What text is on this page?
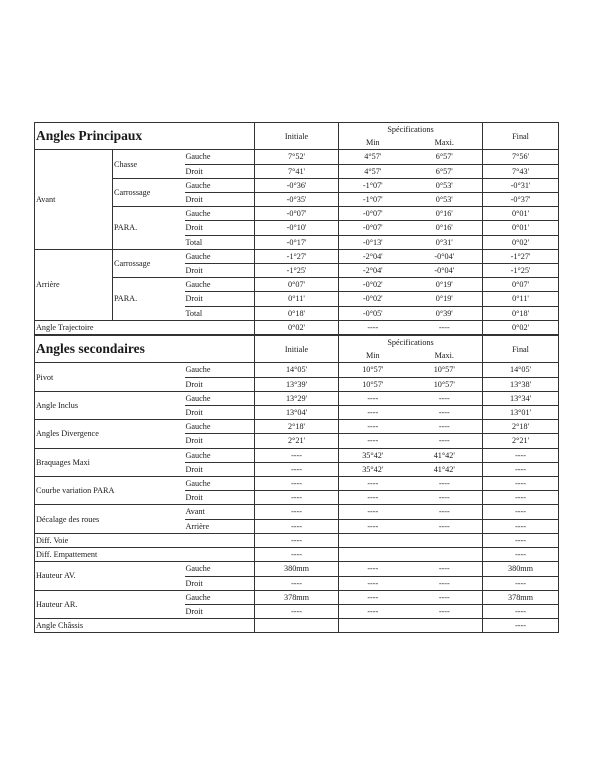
Angles Principaux			Initiale	Spécifications		Final
				Min	Maxi.	
Avant	Chasse	Gauche	7°52'	4°57'	6°57'	7°56'
		Droit	7°41'	4°57'	6°57'	7°43'
	Carrossage	Gauche	-0°36'	-1°07'	0°53'	-0°31'
		Droit	-0°35'	-1°07'	0°53'	-0°37'
	PARA.	Gauche	-0°07'	-0°07'	0°16'	0°01'
		Droit	-0°10'	-0°07'	0°16'	0°01'
		Total	-0°17'	-0°13'	0°31'	0°02'
Arrière	Carrossage	Gauche	-1°27'	-2°04'	-0°04'	-1°27'
		Droit	-1°25'	-2°04'	-0°04'	-1°25'
	PARA.	Gauche	0°07'	-0°02'	0°19'	0°07'
		Droit	0°11'	-0°02'	0°19'	0°11'
		Total	0°18'	-0°05'	0°39'	0°18'
Angle Trajectoire			0°02'	----	----	0°02'
Angles secondaires		Initiale	Spécifications		Final
			Min	Maxi.	
Pivot	Gauche	14°05'	10°57'	10°57'	14°05'
	Droit	13°39'	10°57'	10°57'	13°38'
Angle Inclus	Gauche	13°29'	----	----	13°34'
	Droit	13°04'	----	----	13°01'
Angles Divergence	Gauche	2°18'	----	----	2°18'
	Droit	2°21'	----	----	2°21'
Braquages Maxi	Gauche	----	35°42'	41°42'	----
	Droit	----	35°42'	41°42'	----
Courbe variation PARA	Gauche	----	----	----	----
	Droit	----	----	----	----
Décalage des roues	Avant	----	----	----	----
	Arrière	----	----	----	----
Diff. Voie		----			----
Diff. Empattement		----			----
Hauteur AV.	Gauche	380mm	----	----	380mm
	Droit	----	----	----	----
Hauteur AR.	Gauche	378mm	----	----	378mm
	Droit	----	----	----	----
Angle Châssis					----
